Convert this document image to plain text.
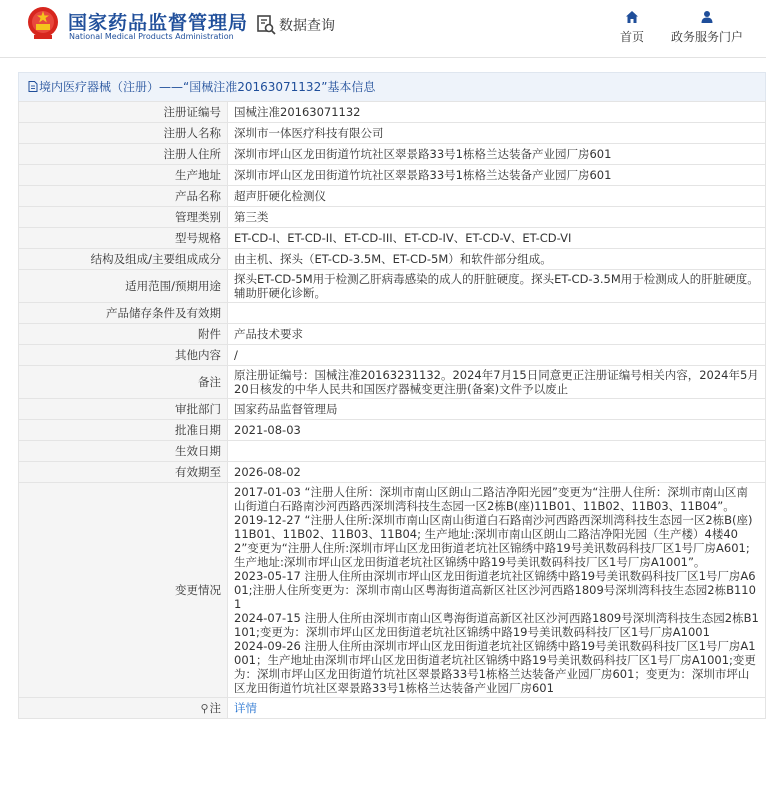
国家药品监督管理局
National Medical Products Administration
数据查询
首页	政务服务门户
境内医疗器械（注册）——“国械注准20163071132”基本信息
注册证编号	国械注准20163071132
注册人名称	深圳市一体医疗科技有限公司
注册人住所	深圳市坪山区龙田街道竹坑社区翠景路33号1栋格兰达装备产业园厂房601
生产地址	深圳市坪山区龙田街道竹坑社区翠景路33号1栋格兰达装备产业园厂房601
产品名称	超声肝硬化检测仪
管理类别	第三类
型号规格	ET-CD-I、ET-CD-II、ET-CD-III、ET-CD-IV、ET-CD-V、ET-CD-VI
结构及组成/主要组成成分	由主机、探头（ET-CD-3.5M、ET-CD-5M）和软件部分组成。
适用范围/预期用途	探头ET-CD-5M用于检测乙肝病毒感染的成人的肝脏硬度。探头ET-CD-3.5M用于检测成人的肝脏硬度。辅助肝硬化诊断。
产品储存条件及有效期	
附件	产品技术要求
其他内容	/
备注	原注册证编号：国械注准20163231132。2024年7月15日同意更正注册证编号相关内容，2024年5月20日核发的中华人民共和国医疗器械变更注册(备案)文件予以废止
审批部门	国家药品监督管理局
批准日期	2021-08-03
生效日期	
有效期至	2026-08-02
变更情况	2017-01-03 “注册人住所：深圳市南山区朗山二路洁净阳光园”变更为“注册人住所：深圳市南山区南山街道白石路南沙河西路西深圳湾科技生态园一区2栋B(座)11B01、11B02、11B03、11B04”。

2019-12-27 “注册人住所:深圳市南山区南山街道白石路南沙河西路西深圳湾科技生态园一区2栋B(座)11B01、11B02、11B03、11B04; 生产地址:深圳市南山区朗山二路洁净阳光园（生产楼）4楼402”变更为“注册人住所:深圳市坪山区龙田街道老坑社区锦绣中路19号美讯数码科技厂区1号厂房A601; 生产地址:深圳市坪山区龙田街道老坑社区锦绣中路19号美讯数码科技厂区1号厂房A1001”。

2023-05-17 注册人住所由深圳市坪山区龙田街道老坑社区锦绣中路19号美讯数码科技厂区1号厂房A601;注册人住所变更为：深圳市南山区粤海街道高新区社区沙河西路1809号深圳湾科技生态园2栋B1101

2024-07-15 注册人住所由深圳市南山区粤海街道高新区社区沙河西路1809号深圳湾科技生态园2栋B1101;变更为：深圳市坪山区龙田街道老坑社区锦绣中路19号美讯数码科技厂区1号厂房A1001

2024-09-26 注册人住所由深圳市坪山区龙田街道老坑社区锦绣中路19号美讯数码科技厂区1号厂房A1001；生产地址由深圳市坪山区龙田街道老坑社区锦绣中路19号美讯数码科技厂区1号厂房A1001;变更为：深圳市坪山区龙田街道竹坑社区翠景路33号1栋格兰达装备产业园厂房601；变更为：深圳市坪山区龙田街道竹坑社区翠景路33号1栋格兰达装备产业园厂房601

⚲注	详情
